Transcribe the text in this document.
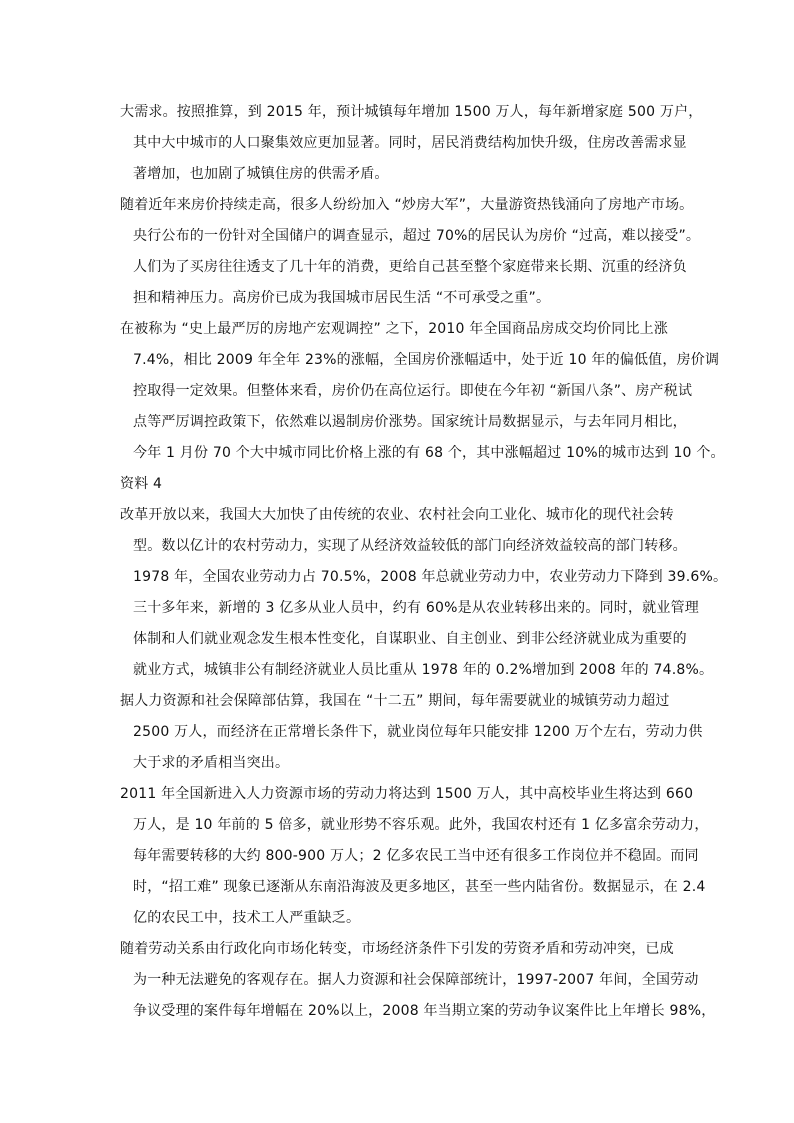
大需求。按照推算，到 2015 年，预计城镇每年增加 1500 万人，每年新增家庭 500 万户，
其中大中城市的人口聚集效应更加显著。同时，居民消费结构加快升级，住房改善需求显
著增加，也加剧了城镇住房的供需矛盾。
随着近年来房价持续走高，很多人纷纷加入 “炒房大军”，大量游资热钱涌向了房地产市场。
央行公布的一份针对全国储户的调查显示，超过 70%的居民认为房价 “过高，难以接受”。
人们为了买房往往透支了几十年的消费，更给自己甚至整个家庭带来长期、沉重的经济负
担和精神压力。高房价已成为我国城市居民生活 “不可承受之重”。
在被称为 “史上最严厉的房地产宏观调控” 之下，2010 年全国商品房成交均价同比上涨
7.4%，相比 2009 年全年 23%的涨幅，全国房价涨幅适中，处于近 10 年的偏低值，房价调
控取得一定效果。但整体来看，房价仍在高位运行。即使在今年初 “新国八条”、房产税试
点等严厉调控政策下，依然难以遏制房价涨势。国家统计局数据显示，与去年同月相比，
今年 1 月份 70 个大中城市同比价格上涨的有 68 个，其中涨幅超过 10%的城市达到 10 个。
资料 4
改革开放以来，我国大大加快了由传统的农业、农村社会向工业化、城市化的现代社会转
型。数以亿计的农村劳动力，实现了从经济效益较低的部门向经济效益较高的部门转移。
1978 年，全国农业劳动力占 70.5%，2008 年总就业劳动力中，农业劳动力下降到 39.6%。
三十多年来，新增的 3 亿多从业人员中，约有 60%是从农业转移出来的。同时，就业管理
体制和人们就业观念发生根本性变化，自谋职业、自主创业、到非公经济就业成为重要的
就业方式，城镇非公有制经济就业人员比重从 1978 年的 0.2%增加到 2008 年的 74.8%。
据人力资源和社会保障部估算，我国在 “十二五” 期间，每年需要就业的城镇劳动力超过
2500 万人，而经济在正常增长条件下，就业岗位每年只能安排 1200 万个左右，劳动力供
大于求的矛盾相当突出。
2011 年全国新进入人力资源市场的劳动力将达到 1500 万人，其中高校毕业生将达到 660
万人，是 10 年前的 5 倍多，就业形势不容乐观。此外，我国农村还有 1 亿多富余劳动力，
每年需要转移的大约 800-900 万人；2 亿多农民工当中还有很多工作岗位并不稳固。而同
时，“招工难” 现象已逐渐从东南沿海波及更多地区，甚至一些内陆省份。数据显示，在 2.4
亿的农民工中，技术工人严重缺乏。
随着劳动关系由行政化向市场化转变，市场经济条件下引发的劳资矛盾和劳动冲突，已成
为一种无法避免的客观存在。据人力资源和社会保障部统计，1997-2007 年间，全国劳动
争议受理的案件每年增幅在 20%以上，2008 年当期立案的劳动争议案件比上年增长 98%，
